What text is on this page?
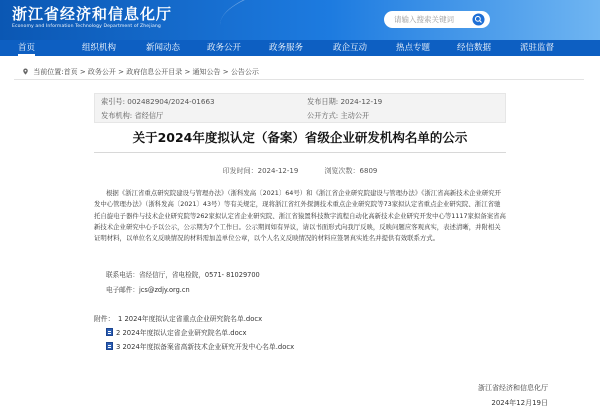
浙江省经济和信息化厅
Economy and Information Technology Department of Zhejiang
请输入搜索关键词
首页	组织机构	新闻动态	政务公开	政务服务	政企互动	热点专题	经信数据	派驻监督
当前位置:首页 > 政务公开 > 政府信息公开目录 > 通知公告 > 公告公示
索引号: 002482904/2024-01663	发布日期: 2024-12-19
发布机构: 省经信厅	公开方式: 主动公开
关于2024年度拟认定（备案）省级企业研发机构名单的公示
印发时间：2024-12-19	浏览次数：6809
根据《浙江省重点研究院建设与管理办法》（浙科发高〔2021〕64号）和《浙江省企业研究院建设与管理办法》《浙江省高新技术企业研究开发中心管理办法》（浙科发高〔2021〕43号）等有关规定，现将浙江省红外探测技术重点企业研究院等73家拟认定省重点企业研究院、浙江省驰托自旋电子器件与技术企业研究院等262家拟认定省企业研究院、浙江省猿置科技数字流程自动化高新技术企业研究开发中心等1117家拟备案省高新技术企业研究中心予以公示，公示期为7个工作日。公示期间如有异议，请以书面形式向我厅反映，反映问题应客观真实，表述清晰，并附相关证明材料，以单位名义反映情况的材料需加盖单位公章，以个人名义反映情况的材料应签署真实姓名并提供有效联系方式。
联系电话：省经信厅，省电检院，0571- 81029700
电子邮件：jcs@zdjy.org.cn
附件： 1 2024年度拟认定省重点企业研究院名单.docx
2 2024年度拟认定省企业研究院名单.docx
3 2024年度拟备案省高新技术企业研究开发中心名单.docx
浙江省经济和信息化厅
2024年12月19日
